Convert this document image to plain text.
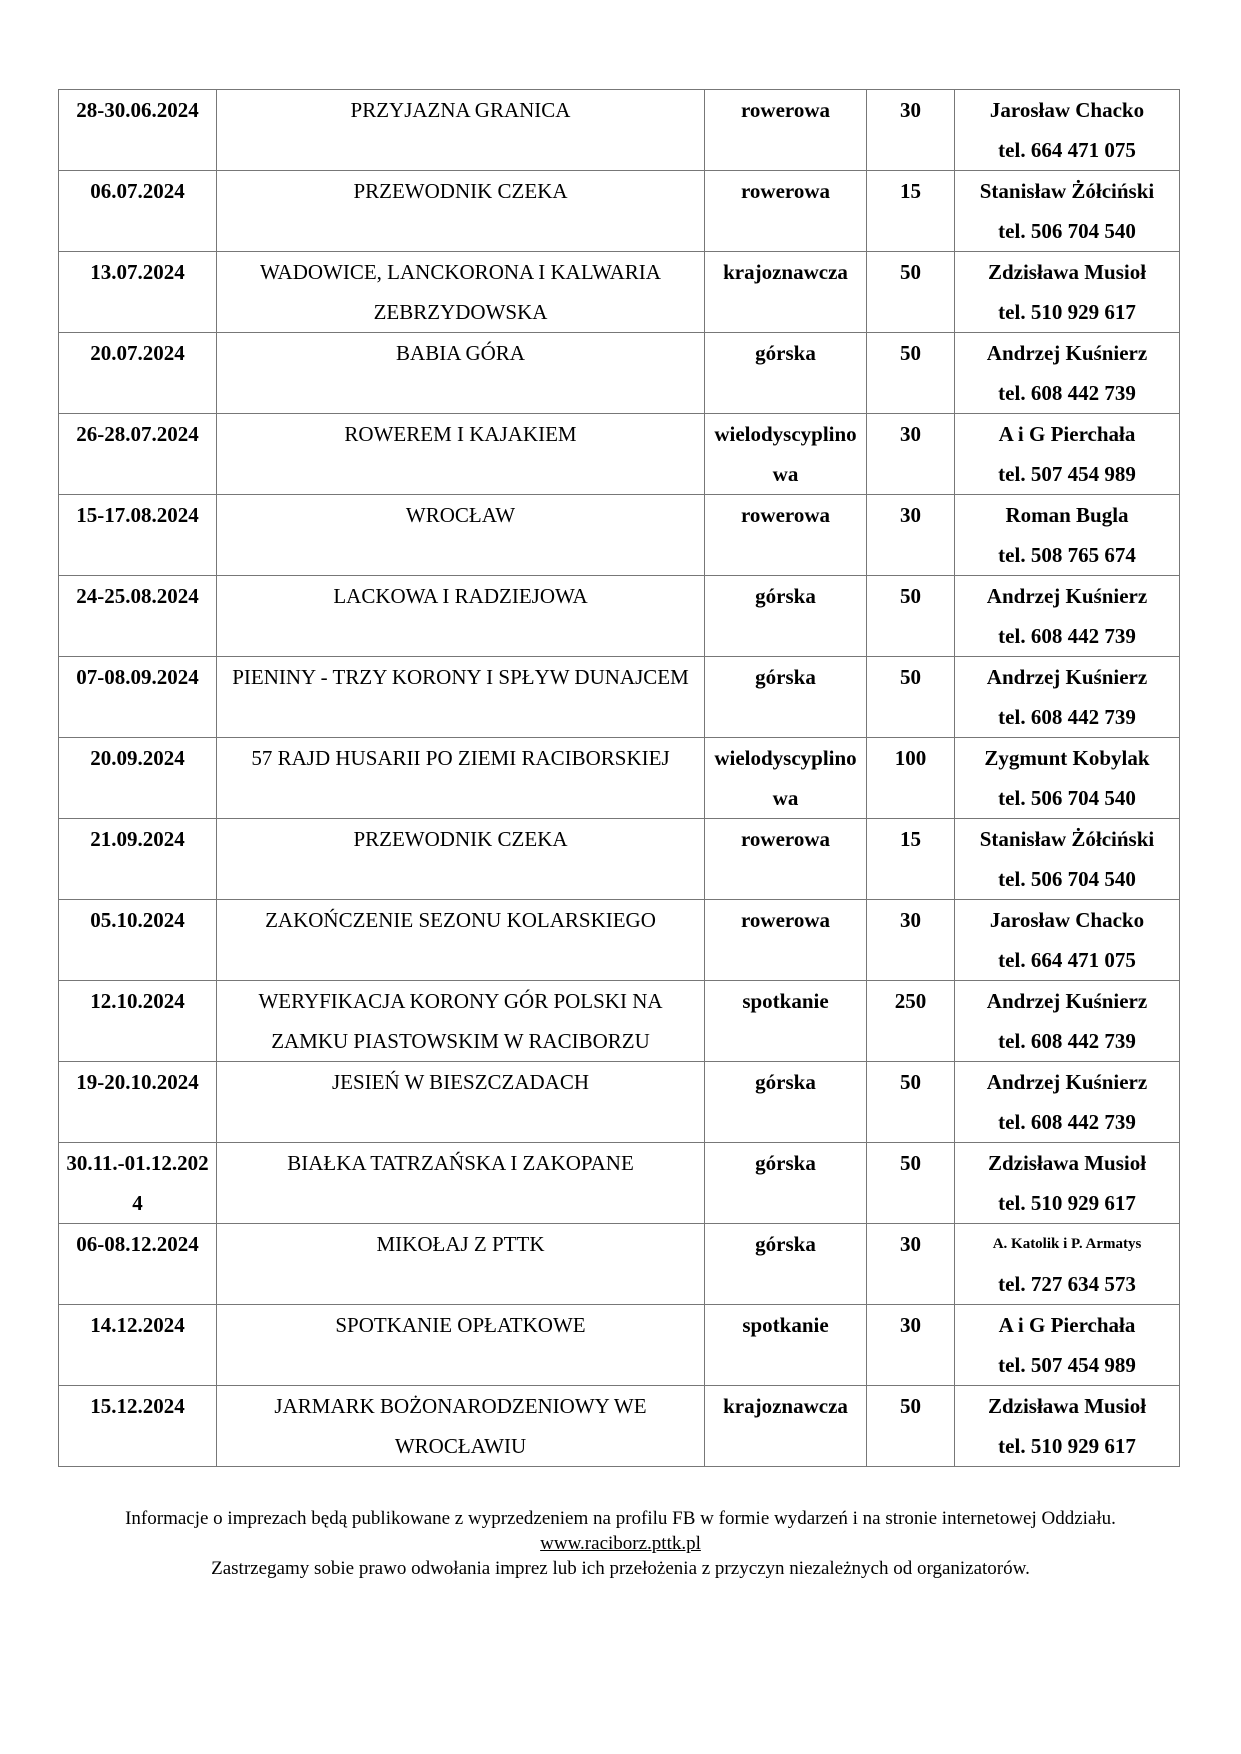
28-30.06.2024	PRZYJAZNA GRANICA	rowerowa	30	Jarosław Chacko
tel. 664 471 075

06.07.2024	PRZEWODNIK CZEKA	rowerowa	15	Stanisław Żółciński
tel. 506 704 540

13.07.2024	WADOWICE, LANCKORONA I KALWARIA ZEBRZYDOWSKA	krajoznawcza	50	Zdzisława Musioł
tel. 510 929 617

20.07.2024	BABIA GÓRA	górska	50	Andrzej Kuśnierz
tel. 608 442 739

26-28.07.2024	ROWEREM I KAJAKIEM	wielodyscyplinowa	30	A i G Pierchała
tel. 507 454 989

15-17.08.2024	WROCŁAW	rowerowa	30	Roman Bugla
tel. 508 765 674

24-25.08.2024	LACKOWA I RADZIEJOWA	górska	50	Andrzej Kuśnierz
tel. 608 442 739

07-08.09.2024	PIENINY - TRZY KORONY I SPŁYW DUNAJCEM	górska	50	Andrzej Kuśnierz
tel. 608 442 739

20.09.2024	57 RAJD HUSARII PO ZIEMI RACIBORSKIEJ	wielodyscyplinowa	100	Zygmunt Kobylak
tel. 506 704 540

21.09.2024	PRZEWODNIK CZEKA	rowerowa	15	Stanisław Żółciński
tel. 506 704 540

05.10.2024	ZAKOŃCZENIE SEZONU KOLARSKIEGO	rowerowa	30	Jarosław Chacko
tel. 664 471 075

12.10.2024	WERYFIKACJA KORONY GÓR POLSKI NA ZAMKU PIASTOWSKIM W RACIBORZU	spotkanie	250	Andrzej Kuśnierz
tel. 608 442 739

19-20.10.2024	JESIEŃ W BIESZCZADACH	górska	50	Andrzej Kuśnierz
tel. 608 442 739

30.11.-01.12.2024	BIAŁKA TATRZAŃSKA I ZAKOPANE	górska	50	Zdzisława Musioł
tel. 510 929 617

06-08.12.2024	MIKOŁAJ Z PTTK	górska	30	A. Katolik i P. Armatys
tel. 727 634 573

14.12.2024	SPOTKANIE OPŁATKOWE	spotkanie	30	A i G Pierchała
tel. 507 454 989

15.12.2024	JARMARK BOŻONARODZENIOWY WE WROCŁAWIU	krajoznawcza	50	Zdzisława Musioł
tel. 510 929 617

Informacje o imprezach będą publikowane z wyprzedzeniem na profilu FB w formie wydarzeń i na stronie internetowej Oddziału.

www.raciborz.pttk.pl

Zastrzegamy sobie prawo odwołania imprez lub ich przełożenia z przyczyn niezależnych od organizatorów.
